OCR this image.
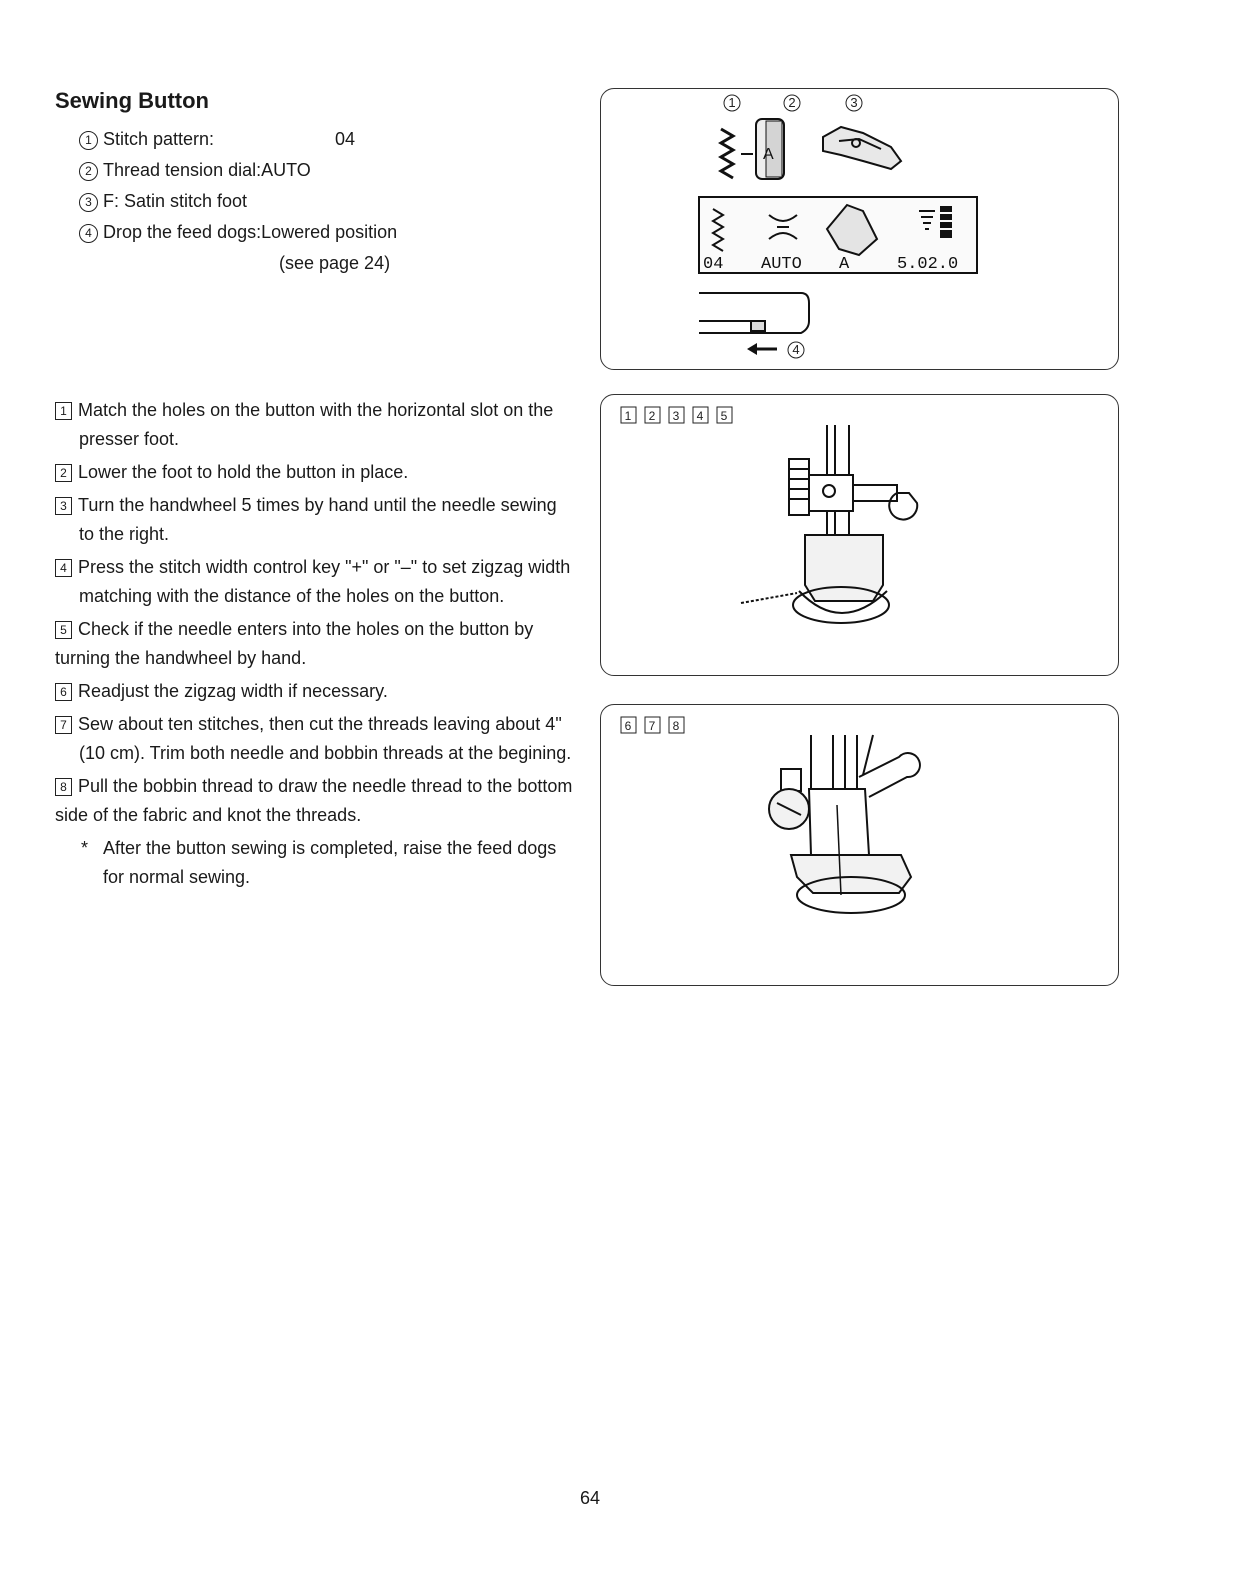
Sewing Button
1 Stitch pattern:	04
2 Thread tension dial:AUTO
3 F: Satin stitch foot
4 Drop the feed dogs:Lowered position
(see page 24)
1 Match the holes on the button with the horizontal slot on the presser foot.
2 Lower the foot to hold the button in place.
3 Turn the handwheel 5 times by hand until the needle sewing to the right.
4 Press the stitch width control key "+" or "–" to set zigzag width matching with the distance of the holes on the button.
5 Check if the needle enters into the holes on the button by turning the handwheel by hand.
6 Readjust the zigzag width if necessary.
7 Sew about ten stitches, then cut the threads leaving about 4" (10 cm). Trim both needle and bobbin threads at the begining.
8 Pull the bobbin thread to draw the needle thread to the bottom side of the fabric and knot the threads.
* After the button sewing is completed, raise the feed dogs for normal sewing.
1	2	3
A
04 AUTO A	5.02.0
4
1 2 3 4 5
6 7 8
64
